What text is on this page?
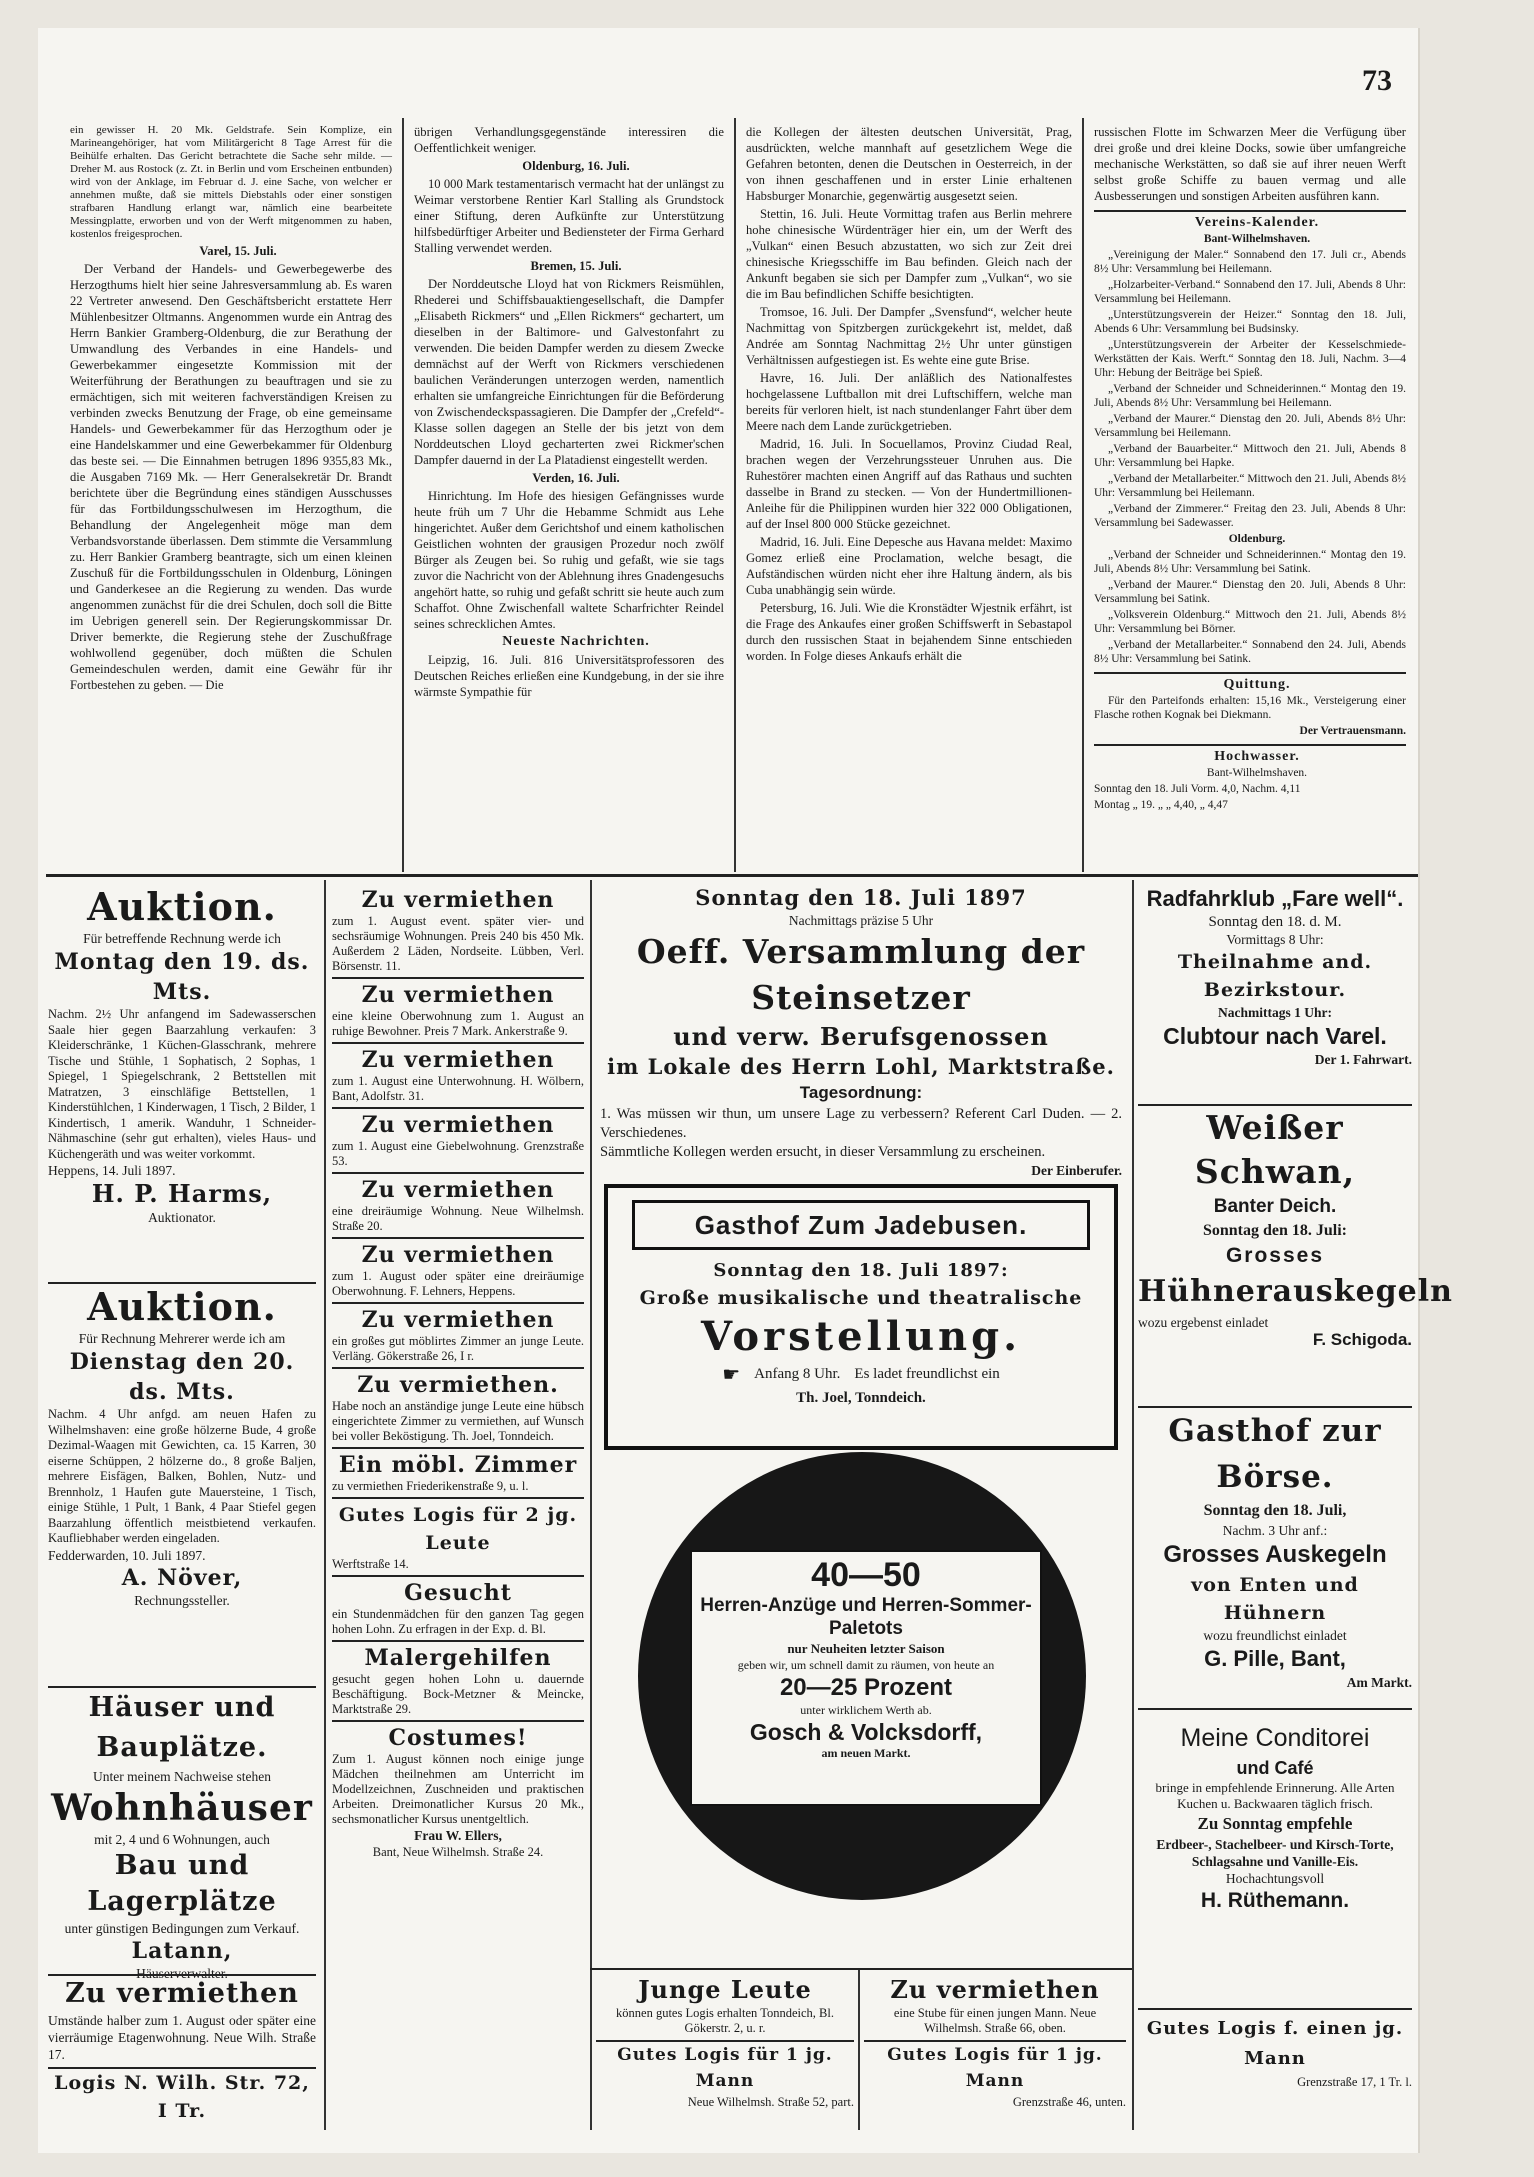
73

ein gewisser H. 20 Mk. Geldstrafe. Sein Komplize, ein Marineangehöriger, hat vom Militärgericht 8 Tage Arrest für die Beihülfe erhalten. Das Gericht betrachtete die Sache sehr milde. — Dreher M. aus Rostock (z. Zt. in Berlin und vom Erscheinen entbunden) wird von der Anklage, im Februar d. J. eine Sache, von welcher er annehmen mußte, daß sie mittels Diebstahls oder einer sonstigen strafbaren Handlung erlangt war, nämlich eine bearbeitete Messingplatte, erworben und von der Werft mitgenommen zu haben, kostenlos freigesprochen.

Varel, 15. Juli.

Der Verband der Handels- und Gewerbegewerbe des Herzogthums hielt hier seine Jahresversammlung ab. Es waren 22 Vertreter anwesend. Den Geschäftsbericht erstattete Herr Mühlenbesitzer Oltmanns. Angenommen wurde ein Antrag des Herrn Bankier Gramberg-Oldenburg, die zur Berathung der Umwandlung des Verbandes in eine Handels- und Gewerbekammer eingesetzte Kommission mit der Weiterführung der Berathungen zu beauftragen und sie zu ermächtigen, sich mit weiteren fachverständigen Kreisen zu verbinden zwecks Benutzung der Frage, ob eine gemeinsame Handels- und Gewerbekammer für das Herzogthum oder je eine Handelskammer und eine Gewerbekammer für Oldenburg das beste sei. — Die Einnahmen betrugen 1896 9355,83 Mk., die Ausgaben 7169 Mk. — Herr Generalsekretär Dr. Brandt berichtete über die Begründung eines ständigen Ausschusses für das Fortbildungsschulwesen im Herzogthum, die Behandlung der Angelegenheit möge man dem Verbandsvorstande überlassen. Dem stimmte die Versammlung zu. Herr Bankier Gramberg beantragte, sich um einen kleinen Zuschuß für die Fortbildungsschulen in Oldenburg, Löningen und Ganderkesee an die Regierung zu wenden. Das wurde angenommen zunächst für die drei Schulen, doch soll die Bitte im Uebrigen generell sein. Der Regierungskommissar Dr. Driver bemerkte, die Regierung stehe der Zuschußfrage wohlwollend gegenüber, doch müßten die Schulen Gemeindeschulen werden, damit eine Gewähr für ihr Fortbestehen zu geben. — Die

übrigen Verhandlungsgegenstände interessiren die Oeffentlichkeit weniger.

Oldenburg, 16. Juli.

10 000 Mark testamentarisch vermacht hat der unlängst zu Weimar verstorbene Rentier Karl Stalling als Grundstock einer Stiftung, deren Aufkünfte zur Unterstützung hilfsbedürftiger Arbeiter und Bediensteter der Firma Gerhard Stalling verwendet werden.

Bremen, 15. Juli.

Der Norddeutsche Lloyd hat von Rickmers Reismühlen, Rhederei und Schiffsbauaktiengesellschaft, die Dampfer „Elisabeth Rickmers“ und „Ellen Rickmers“ gechartert, um dieselben in der Baltimore- und Galvestonfahrt zu verwenden. Die beiden Dampfer werden zu diesem Zwecke demnächst auf der Werft von Rickmers verschiedenen baulichen Veränderungen unterzogen werden, namentlich erhalten sie umfangreiche Einrichtungen für die Beförderung von Zwischendeckspassagieren. Die Dampfer der „Crefeld“-Klasse sollen dagegen an Stelle der bis jetzt von dem Norddeutschen Lloyd gecharterten zwei Rickmer'schen Dampfer dauernd in der La Platadienst eingestellt werden.

Verden, 16. Juli.

Hinrichtung. Im Hofe des hiesigen Gefängnisses wurde heute früh um 7 Uhr die Hebamme Schmidt aus Lehe hingerichtet. Außer dem Gerichtshof und einem katholischen Geistlichen wohnten der grausigen Prozedur noch zwölf Bürger als Zeugen bei. So ruhig und gefaßt, wie sie tags zuvor die Nachricht von der Ablehnung ihres Gnadengesuchs angehört hatte, so ruhig und gefaßt schritt sie heute auch zum Schaffot. Ohne Zwischenfall waltete Scharfrichter Reindel seines schrecklichen Amtes.

Neueste Nachrichten.

Leipzig, 16. Juli. 816 Universitätsprofessoren des Deutschen Reiches erließen eine Kundgebung, in der sie ihre wärmste Sympathie für

die Kollegen der ältesten deutschen Universität, Prag, ausdrückten, welche mannhaft auf gesetzlichem Wege die Gefahren betonten, denen die Deutschen in Oesterreich, in der von ihnen geschaffenen und in erster Linie erhaltenen Habsburger Monarchie, gegenwärtig ausgesetzt seien.

Stettin, 16. Juli. Heute Vormittag trafen aus Berlin mehrere hohe chinesische Würdenträger hier ein, um der Werft des „Vulkan“ einen Besuch abzustatten, wo sich zur Zeit drei chinesische Kriegsschiffe im Bau befinden. Gleich nach der Ankunft begaben sie sich per Dampfer zum „Vulkan“, wo sie die im Bau befindlichen Schiffe besichtigten.

Tromsoe, 16. Juli. Der Dampfer „Svensfund“, welcher heute Nachmittag von Spitzbergen zurückgekehrt ist, meldet, daß Andrée am Sonntag Nachmittag 2½ Uhr unter günstigen Verhältnissen aufgestiegen ist. Es wehte eine gute Brise.

Havre, 16. Juli. Der anläßlich des Nationalfestes hochgelassene Luftballon mit drei Luftschiffern, welche man bereits für verloren hielt, ist nach stundenlanger Fahrt über dem Meere nach dem Lande zurückgetrieben.

Madrid, 16. Juli. In Socuellamos, Provinz Ciudad Real, brachen wegen der Verzehrungssteuer Unruhen aus. Die Ruhestörer machten einen Angriff auf das Rathaus und suchten dasselbe in Brand zu stecken. — Von der Hundertmillionen-Anleihe für die Philippinen wurden hier 322 000 Obligationen, auf der Insel 800 000 Stücke gezeichnet.

Madrid, 16. Juli. Eine Depesche aus Havana meldet: Maximo Gomez erließ eine Proclamation, welche besagt, die Aufständischen würden nicht eher ihre Haltung ändern, als bis Cuba unabhängig sein würde.

Petersburg, 16. Juli. Wie die Kronstädter Wjestnik erfährt, ist die Frage des Ankaufes einer großen Schiffswerft in Sebastapol durch den russischen Staat in bejahendem Sinne entschieden worden. In Folge dieses Ankaufs erhält die

russischen Flotte im Schwarzen Meer die Verfügung über drei große und drei kleine Docks, sowie über umfangreiche mechanische Werkstätten, so daß sie auf ihrer neuen Werft selbst große Schiffe zu bauen vermag und alle Ausbesserungen und sonstigen Arbeiten ausführen kann.

Vereins-Kalender.

Bant-Wilhelmshaven.

„Vereinigung der Maler.“ Sonnabend den 17. Juli cr., Abends 8½ Uhr: Versammlung bei Heilemann.

„Holzarbeiter-Verband.“ Sonnabend den 17. Juli, Abends 8 Uhr: Versammlung bei Heilemann.

„Unterstützungsverein der Heizer.“ Sonntag den 18. Juli, Abends 6 Uhr: Versammlung bei Budsinsky.

„Unterstützungsverein der Arbeiter der Kesselschmiede-Werkstätten der Kais. Werft.“ Sonntag den 18. Juli, Nachm. 3—4 Uhr: Hebung der Beiträge bei Spieß.

„Verband der Schneider und Schneiderinnen.“ Montag den 19. Juli, Abends 8½ Uhr: Versammlung bei Heilemann.

„Verband der Maurer.“ Dienstag den 20. Juli, Abends 8½ Uhr: Versammlung bei Heilemann.

„Verband der Bauarbeiter.“ Mittwoch den 21. Juli, Abends 8 Uhr: Versammlung bei Hapke.

„Verband der Metallarbeiter.“ Mittwoch den 21. Juli, Abends 8½ Uhr: Versammlung bei Heilemann.

„Verband der Zimmerer.“ Freitag den 23. Juli, Abends 8 Uhr: Versammlung bei Sadewasser.

Oldenburg.

„Verband der Schneider und Schneiderinnen.“ Montag den 19. Juli, Abends 8½ Uhr: Versammlung bei Satink.

„Verband der Maurer.“ Dienstag den 20. Juli, Abends 8 Uhr: Versammlung bei Satink.

„Volksverein Oldenburg.“ Mittwoch den 21. Juli, Abends 8½ Uhr: Versammlung bei Börner.

„Verband der Metallarbeiter.“ Sonnabend den 24. Juli, Abends 8½ Uhr: Versammlung bei Satink.

Quittung.

Für den Parteifonds erhalten: 15,16 Mk., Versteigerung einer Flasche rothen Kognak bei Diekmann.

Der Vertrauensmann.

Hochwasser.

Bant-Wilhelmshaven.

Sonntag den 18. Juli Vorm. 4,0, Nachm. 4,11

Montag „ 19. „ „ 4,40, „ 4,47

Auktion.
Für betreffende Rechnung werde ich
Montag den 19. ds. Mts.
Nachm. 2½ Uhr anfangend im Sadewasserschen Saale hier gegen Baarzahlung verkaufen: 3 Kleiderschränke, 1 Küchen-Glasschrank, mehrere Tische und Stühle, 1 Sophatisch, 2 Sophas, 1 Spiegel, 1 Spiegelschrank, 2 Bettstellen mit Matratzen, 3 einschläfige Bettstellen, 1 Kinderstühlchen, 1 Kinderwagen, 1 Tisch, 2 Bilder, 1 Kindertisch, 1 amerik. Wanduhr, 1 Schneider-Nähmaschine (sehr gut erhalten), vieles Haus- und Küchengeräth und was weiter vorkommt.
Heppens, 14. Juli 1897.
H. P. Harms,
Auktionator.
Auktion.
Für Rechnung Mehrerer werde ich am
Dienstag den 20. ds. Mts.
Nachm. 4 Uhr anfgd. am neuen Hafen zu Wilhelmshaven: eine große hölzerne Bude, 4 große Dezimal-Waagen mit Gewichten, ca. 15 Karren, 30 eiserne Schüppen, 2 hölzerne do., 8 große Baljen, mehrere Eisfägen, Balken, Bohlen, Nutz- und Brennholz, 1 Haufen gute Mauersteine, 1 Tisch, einige Stühle, 1 Pult, 1 Bank, 4 Paar Stiefel gegen Baarzahlung öffentlich meistbietend verkaufen. Kaufliebhaber werden eingeladen.
Fedderwarden, 10. Juli 1897.
A. Növer,
Rechnungssteller.
Häuser und Bauplätze.
Unter meinem Nachweise stehen
Wohnhäuser
mit 2, 4 und 6 Wohnungen, auch
Bau und Lagerplätze
unter günstigen Bedingungen zum Verkauf.
Latann,
Häuserverwalter.
Zu vermiethen
Umstände halber zum 1. August oder später eine vierräumige Etagenwohnung. Neue Wilh. Straße 17.
Logis N. Wilh. Str. 72, I Tr.
Zu vermiethen
zum 1. August event. später vier- und sechsräumige Wohnungen. Preis 240 bis 450 Mk. Außerdem 2 Läden, Nordseite. Lübben, Verl. Börsenstr. 11.
Zu vermiethen
eine kleine Oberwohnung zum 1. August an ruhige Bewohner. Preis 7 Mark. Ankerstraße 9.
Zu vermiethen
zum 1. August eine Unterwohnung. H. Wölbern, Bant, Adolfstr. 31.
Zu vermiethen
zum 1. August eine Giebelwohnung. Grenzstraße 53.
Zu vermiethen
eine dreiräumige Wohnung. Neue Wilhelmsh. Straße 20.
Zu vermiethen
zum 1. August oder später eine dreiräumige Oberwohnung. F. Lehners, Heppens.
Zu vermiethen
ein großes gut möblirtes Zimmer an junge Leute. Verläng. Gökerstraße 26, I r.
Zu vermiethen.
Habe noch an anständige junge Leute eine hübsch eingerichtete Zimmer zu vermiethen, auf Wunsch bei voller Beköstigung. Th. Joel, Tonndeich.
Ein möbl. Zimmer
zu vermiethen Friederikenstraße 9, u. l.
Gutes Logis für 2 jg. Leute
Werftstraße 14.
Gesucht
ein Stundenmädchen für den ganzen Tag gegen hohen Lohn. Zu erfragen in der Exp. d. Bl.
Malergehilfen
gesucht gegen hohen Lohn u. dauernde Beschäftigung. Bock-Metzner & Meincke, Marktstraße 29.
Costumes!
Zum 1. August können noch einige junge Mädchen theilnehmen am Unterricht im Modellzeichnen, Zuschneiden und praktischen Arbeiten. Dreimonatlicher Kursus 20 Mk., sechsmonatlicher Kursus unentgeltlich.
Frau W. Ellers,
Bant, Neue Wilhelmsh. Straße 24.
Sonntag den 18. Juli 1897
Nachmittags präzise 5 Uhr
Oeff. Versammlung der Steinsetzer
und verw. Berufsgenossen
im Lokale des Herrn Lohl, Marktstraße.
Tagesordnung:
1. Was müssen wir thun, um unsere Lage zu verbessern? Referent Carl Duden. — 2. Verschiedenes.
Sämmtliche Kollegen werden ersucht, in dieser Versammlung zu erscheinen.
Der Einberufer.
Gasthof Zum Jadebusen.
Sonntag den 18. Juli 1897:
Große musikalische und theatralische
Vorstellung.
☛ Anfang 8 Uhr. Es ladet freundlichst ein
Th. Joel, Tonndeich.
40—50
Herren-Anzüge und Herren-Sommer-Paletots
nur Neuheiten letzter Saison
geben wir, um schnell damit zu räumen, von heute an
20—25 Prozent
unter wirklichem Werth ab.
Gosch & Volcksdorff,
am neuen Markt.
Junge Leute
können gutes Logis erhalten Tonndeich, Bl. Gökerstr. 2, u. r.
Gutes Logis für 1 jg. Mann
Neue Wilhelmsh. Straße 52, part.
Zu vermiethen
eine Stube für einen jungen Mann. Neue Wilhelmsh. Straße 66, oben.
Gutes Logis für 1 jg. Mann
Grenzstraße 46, unten.
Radfahrklub „Fare well“.
Sonntag den 18. d. M.
Vormittags 8 Uhr:
Theilnahme and. Bezirkstour.
Nachmittags 1 Uhr:
Clubtour nach Varel.
Der 1. Fahrwart.
Weißer Schwan,
Banter Deich.
Sonntag den 18. Juli:
Grosses
Hühnerauskegeln
wozu ergebenst einladet
F. Schigoda.
Gasthof zur Börse.
Sonntag den 18. Juli,
Nachm. 3 Uhr anf.:
Grosses Auskegeln
von Enten und Hühnern
wozu freundlichst einladet
G. Pille, Bant,
Am Markt.
Meine Conditorei
und Café
bringe in empfehlende Erinnerung. Alle Arten Kuchen u. Backwaaren täglich frisch.
Zu Sonntag empfehle
Erdbeer-, Stachelbeer- und Kirsch-Torte, Schlagsahne und Vanille-Eis.
Hochachtungsvoll
H. Rüthemann.
Gutes Logis f. einen jg. Mann
Grenzstraße 17, 1 Tr. l.
